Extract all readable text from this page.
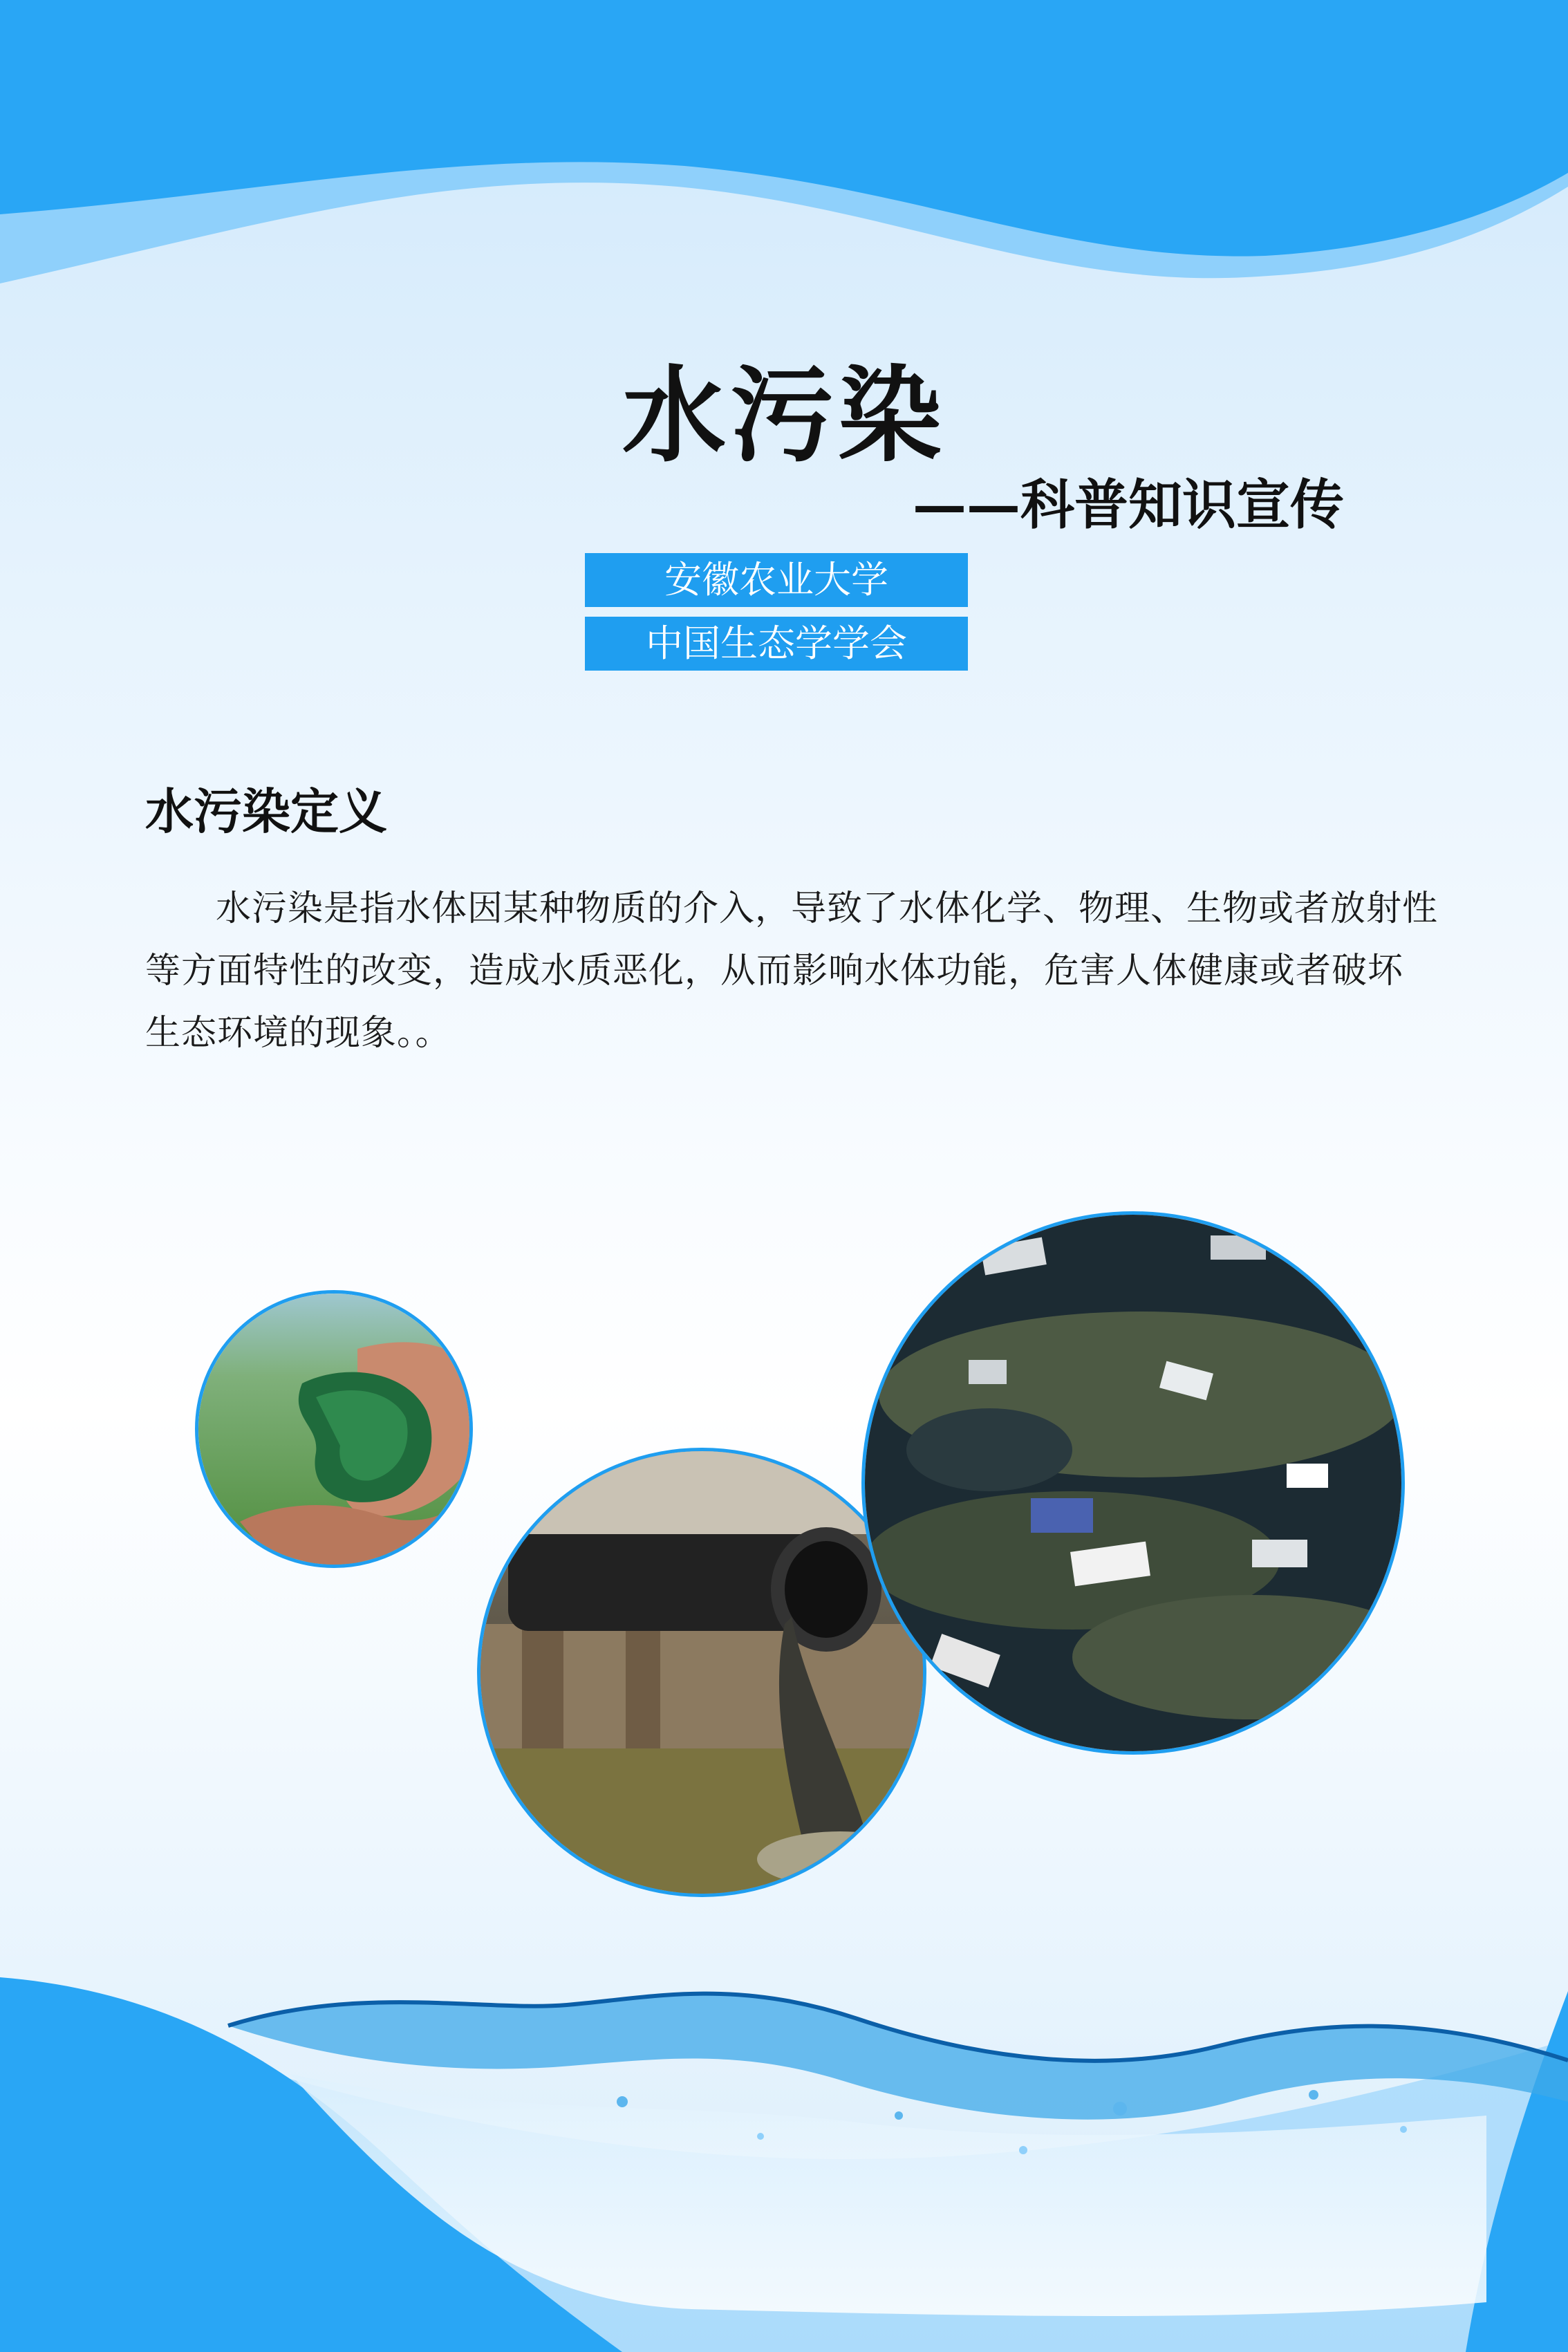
水污染
——科普知识宣传
安徽农业大学
中国生态学学会
水污染定义
水污染是指水体因某种物质的介入，导致了水体化学、物理、生物或者放射性等方面特性的改变，造成水质恶化，从而影响水体功能，危害人体健康或者破坏生态环境的现象。。
